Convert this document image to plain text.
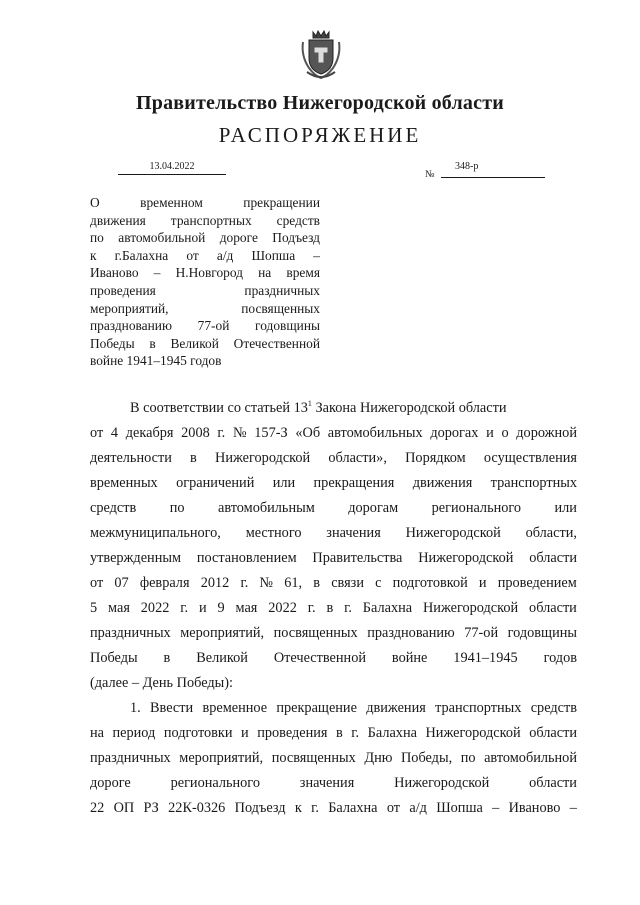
Правительство Нижегородской области
РАСПОРЯЖЕНИЕ
13.04.2022
№
348-р
О временном прекращении
движения транспортных средств
по автомобильной дороге Подъезд
к г.Балахна от а/д Шопша –
Иваново – Н.Новгород на время
проведения праздничных
мероприятий, посвященных
празднованию 77-ой годовщины
Победы в Великой Отечественной
войне 1941–1945 годов
В соответствии со статьей $13^1$ Закона Нижегородской области
от 4 декабря 2008 г. № 157-З «Об автомобильных дорогах и о дорожной
деятельности в Нижегородской области», Порядком осуществления
временных ограничений или прекращения движения транспортных
средств по автомобильным дорогам регионального или
межмуниципального, местного значения Нижегородской области,
утвержденным постановлением Правительства Нижегородской области
от 07 февраля 2012 г. № 61, в связи с подготовкой и проведением
5 мая 2022 г. и 9 мая 2022 г. в г. Балахна Нижегородской области
праздничных мероприятий, посвященных празднованию 77-ой годовщины
Победы в Великой Отечественной войне 1941–1945 годов
(далее – День Победы):
1. Ввести временное прекращение движения транспортных средств
на период подготовки и проведения в г. Балахна Нижегородской области
праздничных мероприятий, посвященных Дню Победы, по автомобильной
дороге	регионального	значения	Нижегородской	области
22 ОП РЗ 22К-0326 Подъезд к г. Балахна от а/д Шопша – Иваново –
